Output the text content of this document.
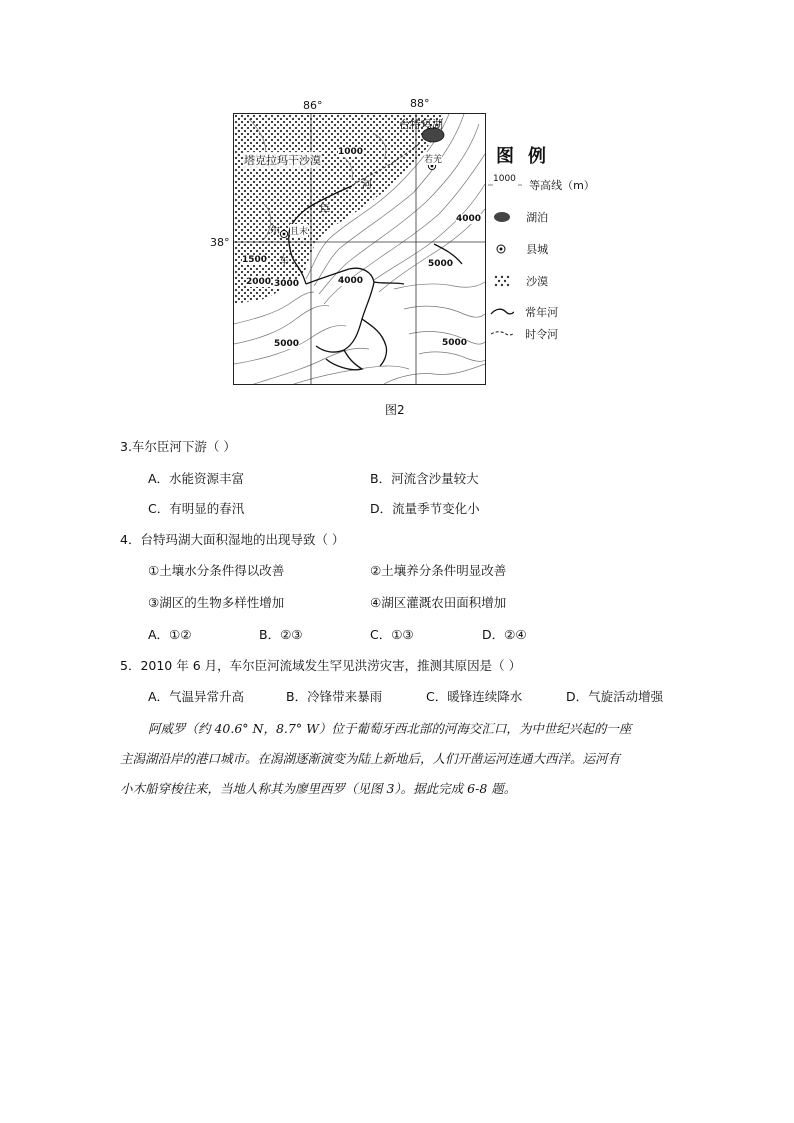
86°	88°
38°
台特玛湖
塔克拉玛干沙漠	若羌
且末
河
臣
尔
车
1000
4000
5000
1500
2000 3000	4000
5000	5000
图例

1000 等高线（m）
湖泊
县城
沙漠
常年河
时令河
图2
3.车尔臣河下游（ ）
A．水能资源丰富	B．河流含沙量较大
C．有明显的春汛	D．流量季节变化小
4．台特玛湖大面积湿地的出现导致（ ）
①土壤水分条件得以改善	②土壤养分条件明显改善
③湖区的生物多样性增加	④湖区灌溉农田面积增加
A．①②	B．②③	C．①③	D．②④
5．2010 年 6 月，车尔臣河流域发生罕见洪涝灾害，推测其原因是（ ）
A．气温异常升高	B．冷锋带来暴雨	C．暖锋连续降水	D．气旋活动增强
阿威罗（约 40.6° N，8.7° W）位于葡萄牙西北部的河海交汇口，为中世纪兴起的一座
主潟湖沿岸的港口城市。在潟湖逐渐演变为陆上新地后，人们开凿运河连通大西洋。运河有
小木船穿梭往来，当地人称其为廖里西罗（见图 3）。据此完成 6-8 题。
